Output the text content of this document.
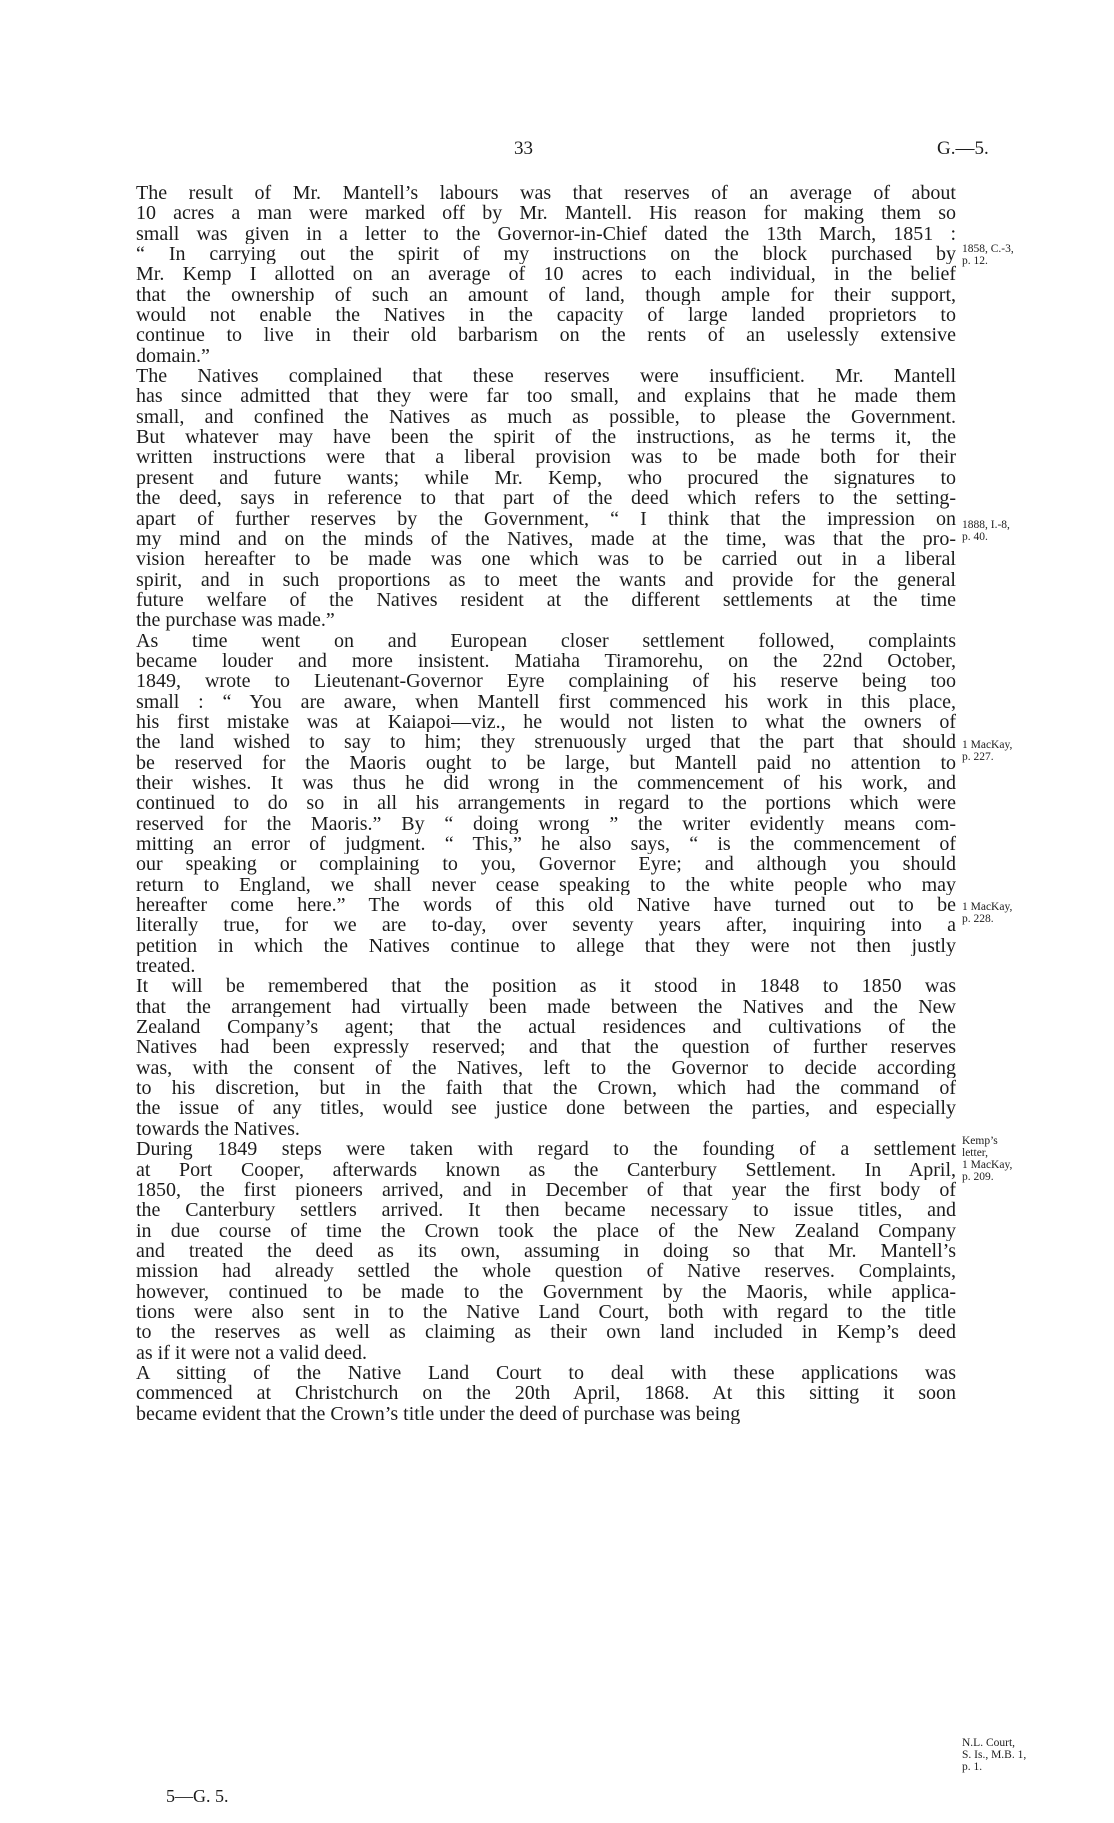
33	G.—5.

The result of Mr. Mantell’s labours was that reserves of an average of about
10 acres a man were marked off by Mr. Mantell. His reason for making them so
small was given in a letter to the Governor-in-Chief dated the 13th March, 1851 :
“ In carrying out the spirit of my instructions on the block purchased by
Mr. Kemp I allotted on an average of 10 acres to each individual, in the belief
that the ownership of such an amount of land, though ample for their support,
would not enable the Natives in the capacity of large landed proprietors to
continue to live in their old barbarism on the rents of an uselessly extensive
domain.”

The Natives complained that these reserves were insufficient. Mr. Mantell
has since admitted that they were far too small, and explains that he made them
small, and confined the Natives as much as possible, to please the Government.
But whatever may have been the spirit of the instructions, as he terms it, the
written instructions were that a liberal provision was to be made both for their
present and future wants; while Mr. Kemp, who procured the signatures to
the deed, says in reference to that part of the deed which refers to the setting-
apart of further reserves by the Government, “ I think that the impression on
my mind and on the minds of the Natives, made at the time, was that the pro-
vision hereafter to be made was one which was to be carried out in a liberal
spirit, and in such proportions as to meet the wants and provide for the general
future welfare of the Natives resident at the different settlements at the time
the purchase was made.”

As time went on and European closer settlement followed, complaints
became louder and more insistent. Matiaha Tiramorehu, on the 22nd October,
1849, wrote to Lieutenant-Governor Eyre complaining of his reserve being too
small : “ You are aware, when Mantell first commenced his work in this place,
his first mistake was at Kaiapoi—viz., he would not listen to what the owners of
the land wished to say to him; they strenuously urged that the part that should
be reserved for the Maoris ought to be large, but Mantell paid no attention to
their wishes. It was thus he did wrong in the commencement of his work, and
continued to do so in all his arrangements in regard to the portions which were
reserved for the Maoris.” By “ doing wrong ” the writer evidently means com-
mitting an error of judgment. “ This,” he also says, “ is the commencement of
our speaking or complaining to you, Governor Eyre; and although you should
return to England, we shall never cease speaking to the white people who may
hereafter come here.” The words of this old Native have turned out to be
literally true, for we are to-day, over seventy years after, inquiring into a
petition in which the Natives continue to allege that they were not then justly
treated.

It will be remembered that the position as it stood in 1848 to 1850 was
that the arrangement had virtually been made between the Natives and the New
Zealand Company’s agent; that the actual residences and cultivations of the
Natives had been expressly reserved; and that the question of further reserves
was, with the consent of the Natives, left to the Governor to decide according
to his discretion, but in the faith that the Crown, which had the command of
the issue of any titles, would see justice done between the parties, and especially
towards the Natives.

During 1849 steps were taken with regard to the founding of a settlement
at Port Cooper, afterwards known as the Canterbury Settlement. In April,
1850, the first pioneers arrived, and in December of that year the first body of
the Canterbury settlers arrived. It then became necessary to issue titles, and
in due course of time the Crown took the place of the New Zealand Company
and treated the deed as its own, assuming in doing so that Mr. Mantell’s
mission had already settled the whole question of Native reserves. Complaints,
however, continued to be made to the Government by the Maoris, while applica-
tions were also sent in to the Native Land Court, both with regard to the title
to the reserves as well as claiming as their own land included in Kemp’s deed
as if it were not a valid deed.

A sitting of the Native Land Court to deal with these applications was
commenced at Christchurch on the 20th April, 1868. At this sitting it soon
became evident that the Crown’s title under the deed of purchase was being

1858, C.-3,
p. 12.
1888, I.-8,
p. 40.
1 MacKay,
p. 227.
1 MacKay,
p. 228.
Kemp’s
letter,
1 MacKay,
p. 209.
N.L. Court,
S. Is., M.B. 1,
p. 1.
5—G. 5.
